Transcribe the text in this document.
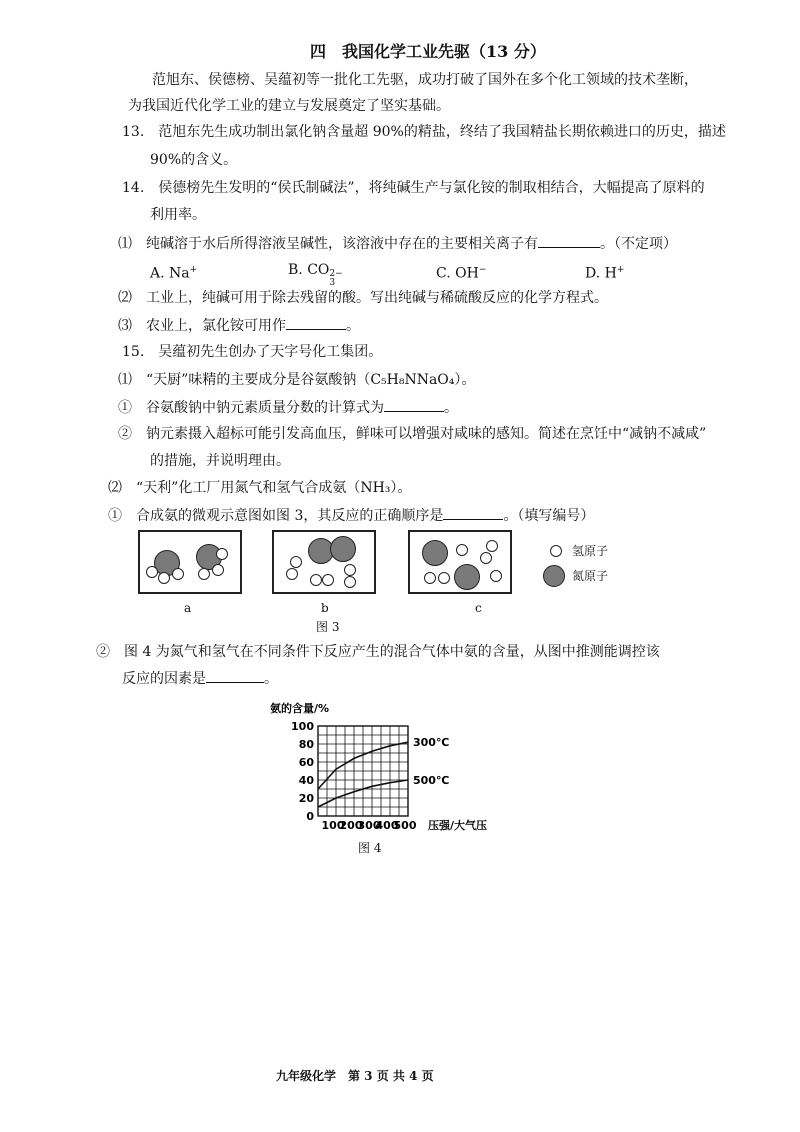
四　我国化学工业先驱（13 分）
范旭东、侯德榜、吴蕴初等一批化工先驱，成功打破了国外在多个化工领域的技术垄断，
为我国近代化学工业的建立与发展奠定了坚实基础。
13.　范旭东先生成功制出氯化钠含量超 90%的精盐，终结了我国精盐长期依赖进口的历史，描述
90%的含义。
14.　侯德榜先生发明的“侯氏制碱法”，将纯碱生产与氯化铵的制取相结合，大幅提高了原料的
利用率。
⑴　纯碱溶于水后所得溶液呈碱性，该溶液中存在的主要相关离子有	。（不定项）
A. Na+	B. CO 2−
3
C. OH−	D. H+
⑵　工业上，纯碱可用于除去残留的酸。写出纯碱与稀硫酸反应的化学方程式。
⑶　农业上，氯化铵可用作	。
15.　吴蕴初先生创办了天字号化工集团。
⑴　“天厨”味精的主要成分是谷氨酸钠（C₅H₈NNaO₄）。
①　谷氨酸钠中钠元素质量分数的计算式为	。
②　钠元素摄入超标可能引发高血压，鲜味可以增强对咸味的感知。简述在烹饪中“减钠不减咸”
的措施，并说明理由。
⑵　“天利”化工厂用氮气和氢气合成氨（NH₃）。
①　合成氨的微观示意图如图 3，其反应的正确顺序是	。（填写编号）
a	b	c
氢原子
氮原子
图 3
②　图 4 为氮气和氢气在不同条件下反应产生的混合气体中氨的含量，从图中推测能调控该
反应的因素是	。
氨的含量/%
0
20
40
60
80
100
100
200
300
400
500
300℃
500℃
压强/大气压
图 4
九年级化学　第 3 页 共 4 页
